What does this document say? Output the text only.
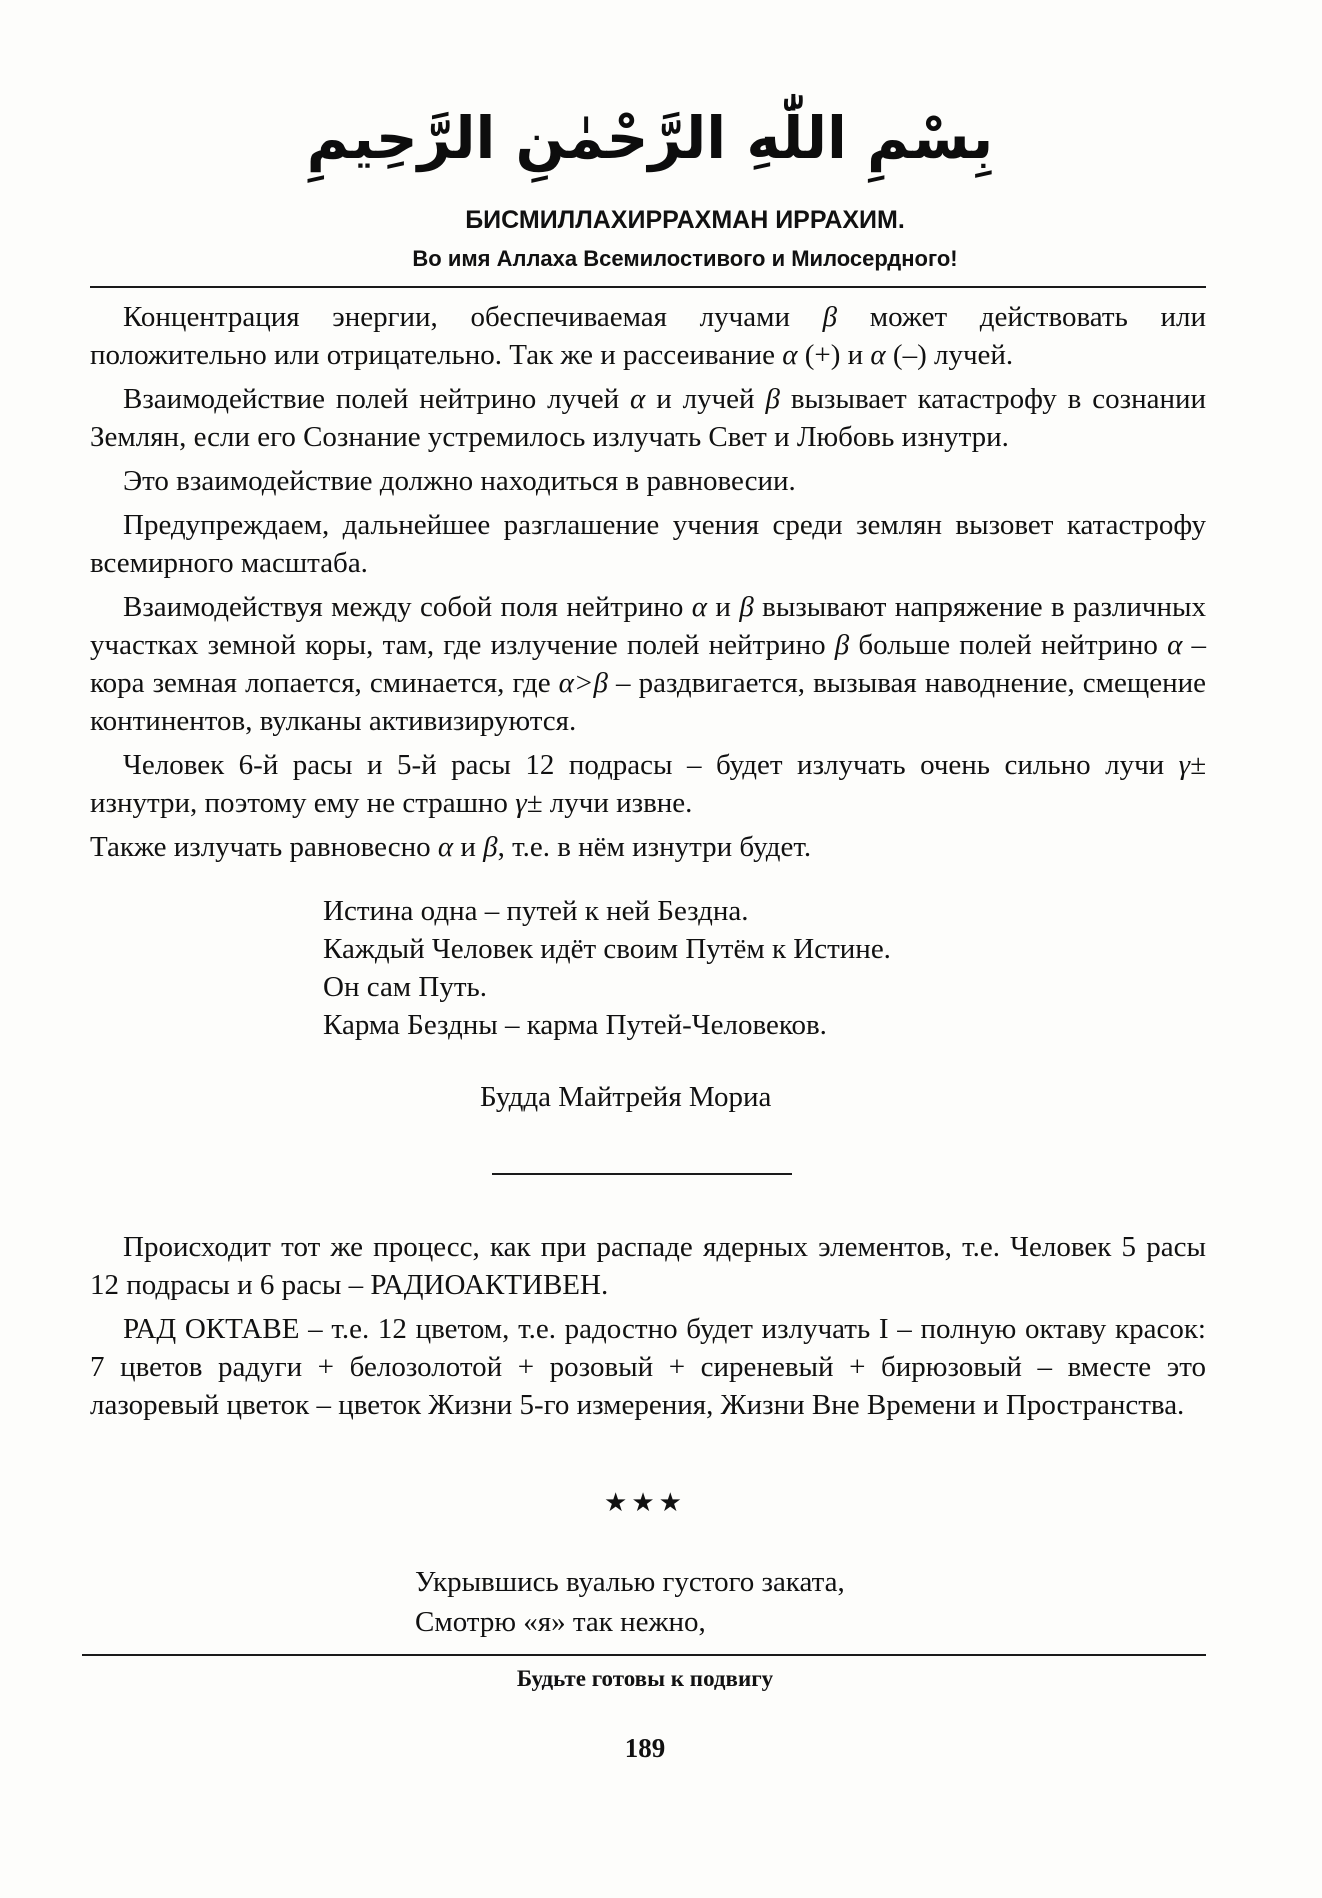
بِسْمِ اللّٰهِ الرَّحْمٰنِ الرَّحِيمِ
БИСМИЛЛАХИРРАХМАН ИРРАХИМ.
Во имя Аллаха Всемилостивого и Милосердного!

Концентрация энергии, обеспечиваемая лучами β может действовать или положительно или отрицательно. Так же и рассеивание α (+) и α (–) лучей.

Взаимодействие полей нейтрино лучей α и лучей β вызывает катастрофу в сознании Землян, если его Сознание устремилось излучать Свет и Любовь изнутри.

Это взаимодействие должно находиться в равновесии.

Предупреждаем, дальнейшее разглашение учения среди землян вызовет катастрофу всемирного масштаба.

Взаимодействуя между собой поля нейтрино α и β вызывают напряжение в различных участках земной коры, там, где излучение полей нейтрино β больше полей нейтрино α – кора земная лопается, сминается, где α>β – раздвигается, вызывая наводнение, смещение континентов, вулканы активизируются.

Человек 6-й расы и 5-й расы 12 подрасы – будет излучать очень сильно лучи γ± изнутри, поэтому ему не страшно γ± лучи извне.

Также излучать равновесно α и β, т.е. в нём изнутри будет.

Истина одна – путей к ней Бездна.
Каждый Человек идёт своим Путём к Истине.
Он сам Путь.
Карма Бездны – карма Путей-Человеков.
Будда Майтрейя Мориа

Происходит тот же процесс, как при распаде ядерных элементов, т.е. Человек 5 расы 12 подрасы и 6 расы – РАДИОАКТИВЕН.

РАД ОКТАВЕ – т.е. 12 цветом, т.е. радостно будет излучать I – полную октаву красок: 7 цветов радуги + белозолотой + розовый + сиреневый + бирюзовый – вместе это лазоревый цветок – цветок Жизни 5-го измерения, Жизни Вне Времени и Пространства.

★★★
Укрывшись вуалью густого заката,
Смотрю «я» так нежно,
Будьте готовы к подвигу
189
